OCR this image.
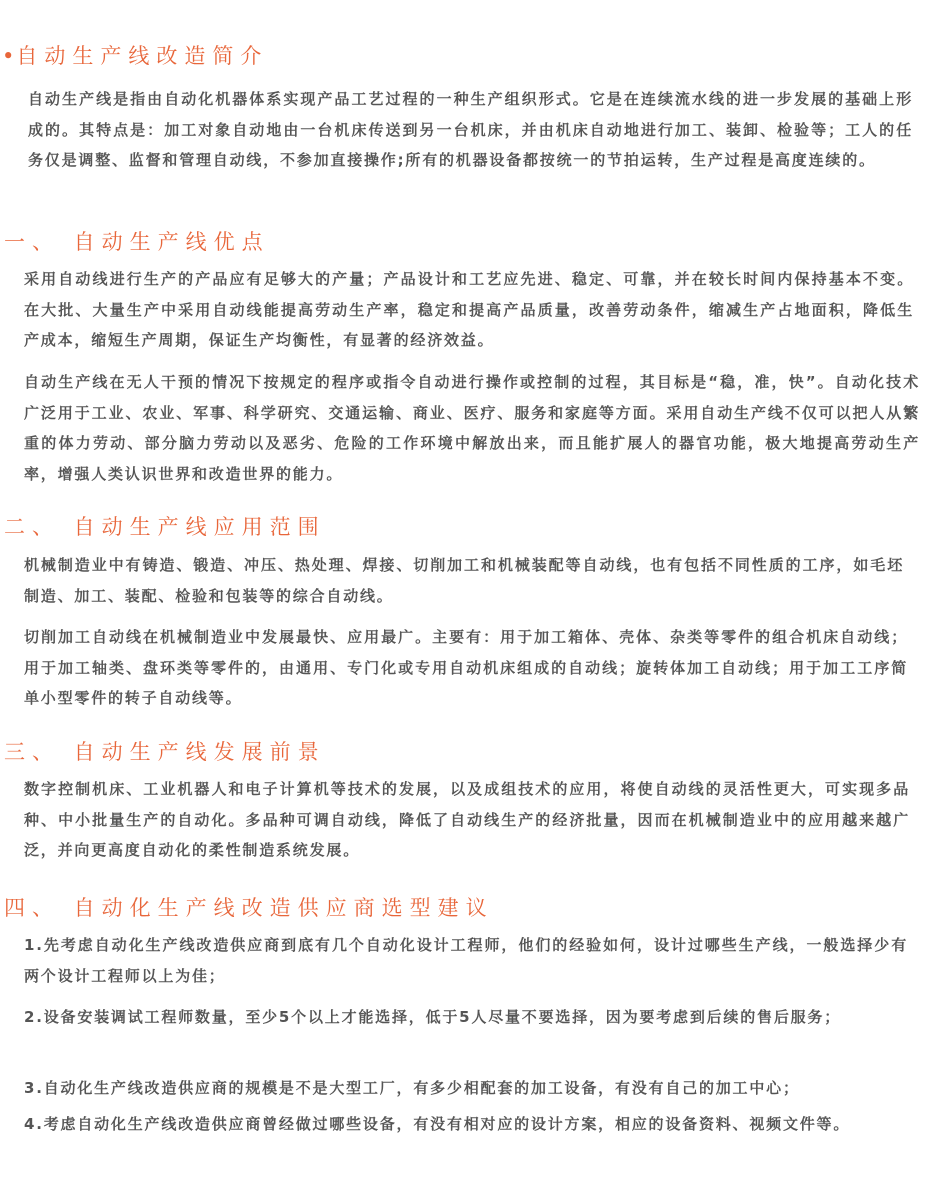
•自动生产线改造简介

自动生产线是指由自动化机器体系实现产品工艺过程的一种生产组织形式。它是在连续流水线的进一步发展的基础上形成的。其特点是：加工对象自动地由一台机床传送到另一台机床，并由机床自动地进行加工、装卸、检验等；工人的任务仅是调整、监督和管理自动线，不参加直接操作;所有的机器设备都按统一的节拍运转，生产过程是高度连续的。

一、 自动生产线优点

采用自动线进行生产的产品应有足够大的产量；产品设计和工艺应先进、稳定、可靠，并在较长时间内保持基本不变。在大批、大量生产中采用自动线能提高劳动生产率，稳定和提高产品质量，改善劳动条件，缩减生产占地面积，降低生产成本，缩短生产周期，保证生产均衡性，有显著的经济效益。

自动生产线在无人干预的情况下按规定的程序或指令自动进行操作或控制的过程，其目标是“稳，准，快”。自动化技术广泛用于工业、农业、军事、科学研究、交通运输、商业、医疗、服务和家庭等方面。采用自动生产线不仅可以把人从繁重的体力劳动、部分脑力劳动以及恶劣、危险的工作环境中解放出来，而且能扩展人的器官功能，极大地提高劳动生产率，增强人类认识世界和改造世界的能力。

二、 自动生产线应用范围

机械制造业中有铸造、锻造、冲压、热处理、焊接、切削加工和机械装配等自动线，也有包括不同性质的工序，如毛坯制造、加工、装配、检验和包装等的综合自动线。

切削加工自动线在机械制造业中发展最快、应用最广。主要有：用于加工箱体、壳体、杂类等零件的组合机床自动线；用于加工轴类、盘环类等零件的，由通用、专门化或专用自动机床组成的自动线；旋转体加工自动线；用于加工工序简单小型零件的转子自动线等。

三、 自动生产线发展前景

数字控制机床、工业机器人和电子计算机等技术的发展，以及成组技术的应用，将使自动线的灵活性更大，可实现多品种、中小批量生产的自动化。多品种可调自动线，降低了自动线生产的经济批量，因而在机械制造业中的应用越来越广泛，并向更高度自动化的柔性制造系统发展。

四、 自动化生产线改造供应商选型建议

1.先考虑自动化生产线改造供应商到底有几个自动化设计工程师，他们的经验如何，设计过哪些生产线，一般选择少有两个设计工程师以上为佳；

2.设备安装调试工程师数量，至少5个以上才能选择，低于5人尽量不要选择，因为要考虑到后续的售后服务；

3.自动化生产线改造供应商的规模是不是大型工厂，有多少相配套的加工设备，有没有自己的加工中心；

4.考虑自动化生产线改造供应商曾经做过哪些设备，有没有相对应的设计方案，相应的设备资料、视频文件等。
